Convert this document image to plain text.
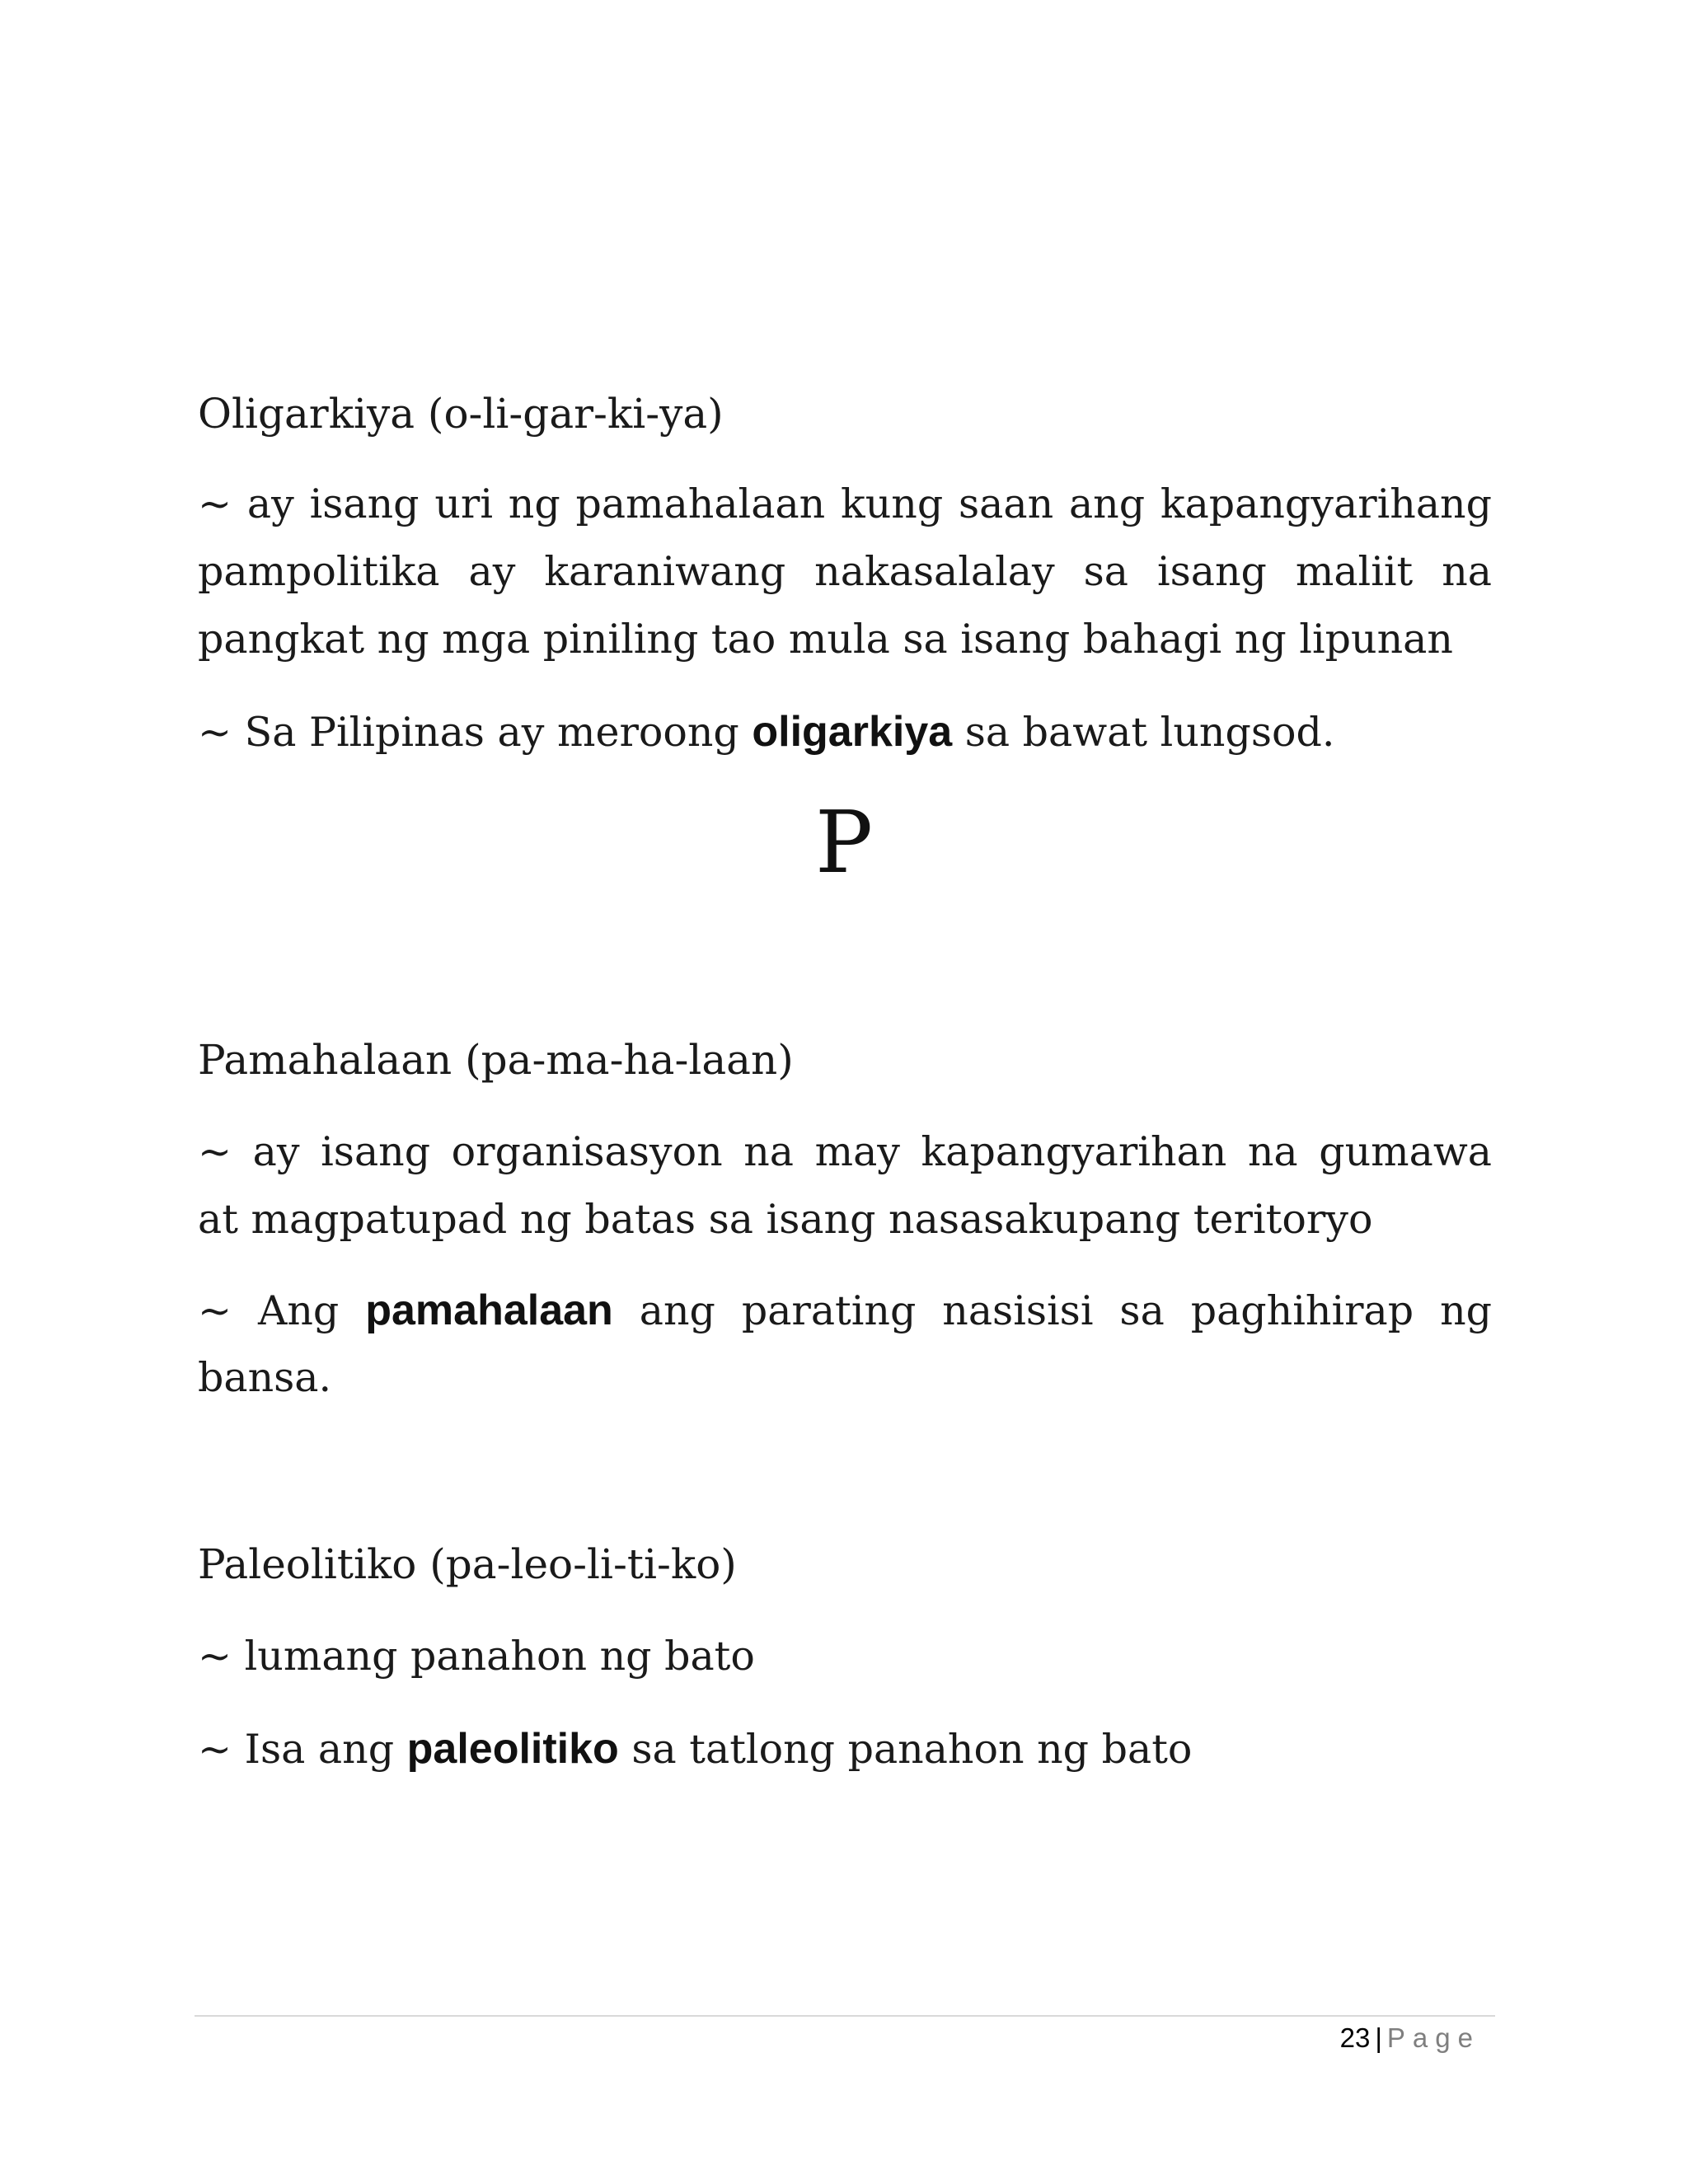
Oligarkiya (o-li-gar-ki-ya)
~ ay isang uri ng pamahalaan kung saan ang kapangyarihang
pampolitika ay karaniwang nakasalalay sa isang maliit na
pangkat ng mga piniling tao mula sa isang bahagi ng lipunan
~ Sa Pilipinas ay meroong oligarkiya sa bawat lungsod.
P
Pamahalaan (pa-ma-ha-laan)
~ ay isang organisasyon na may kapangyarihan na gumawa
at magpatupad ng batas sa isang nasasakupang teritoryo
~ Ang pamahalaan ang parating nasisisi sa paghihirap ng
bansa.
Paleolitiko (pa-leo-li-ti-ko)
~ lumang panahon ng bato
~ Isa ang paleolitiko sa tatlong panahon ng bato
23 | Page
